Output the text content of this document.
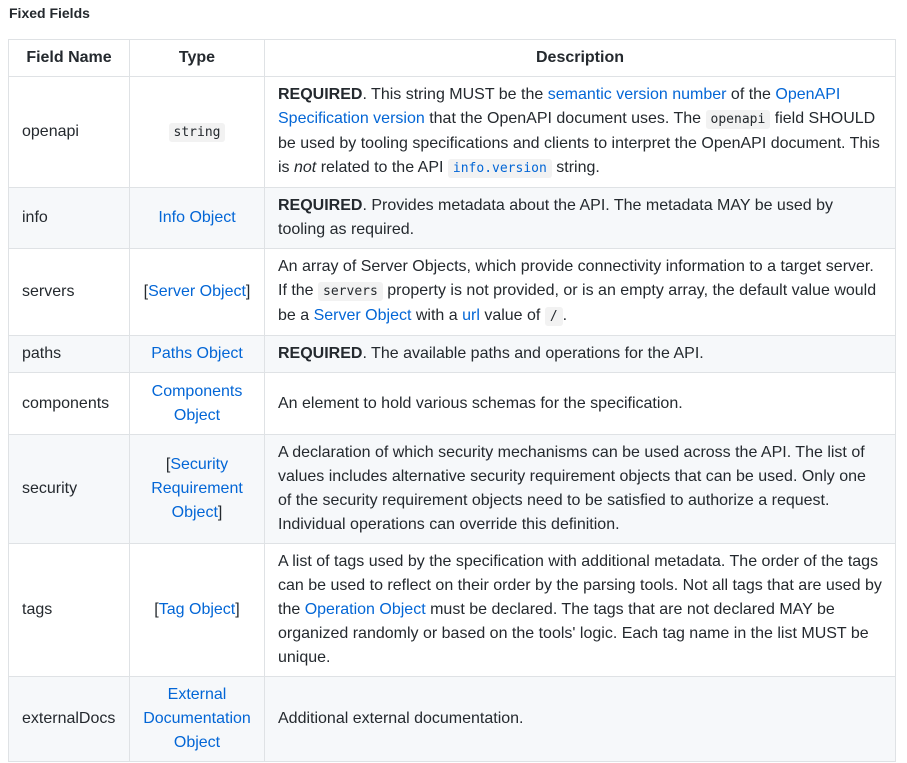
Fixed Fields
Field Name	Type	Description
openapi	string	REQUIRED. This string MUST be the semantic version number of the OpenAPI Specification version that the OpenAPI document uses. The openapi field SHOULD be used by tooling specifications and clients to interpret the OpenAPI document. This is not related to the API info.version string.
info	Info Object	REQUIRED. Provides metadata about the API. The metadata MAY be used by tooling as required.
servers	[Server Object]	An array of Server Objects, which provide connectivity information to a target server. If the servers property is not provided, or is an empty array, the default value would be a Server Object with a url value of / .
paths	Paths Object	REQUIRED. The available paths and operations for the API.
components	Components Object	An element to hold various schemas for the specification.
security	[Security Requirement Object]	A declaration of which security mechanisms can be used across the API. The list of values includes alternative security requirement objects that can be used. Only one of the security requirement objects need to be satisfied to authorize a request. Individual operations can override this definition.
tags	[Tag Object]	A list of tags used by the specification with additional metadata. The order of the tags can be used to reflect on their order by the parsing tools. Not all tags that are used by the Operation Object must be declared. The tags that are not declared MAY be organized randomly or based on the tools' logic. Each tag name in the list MUST be unique.
externalDocs	External Documentation Object	Additional external documentation.
